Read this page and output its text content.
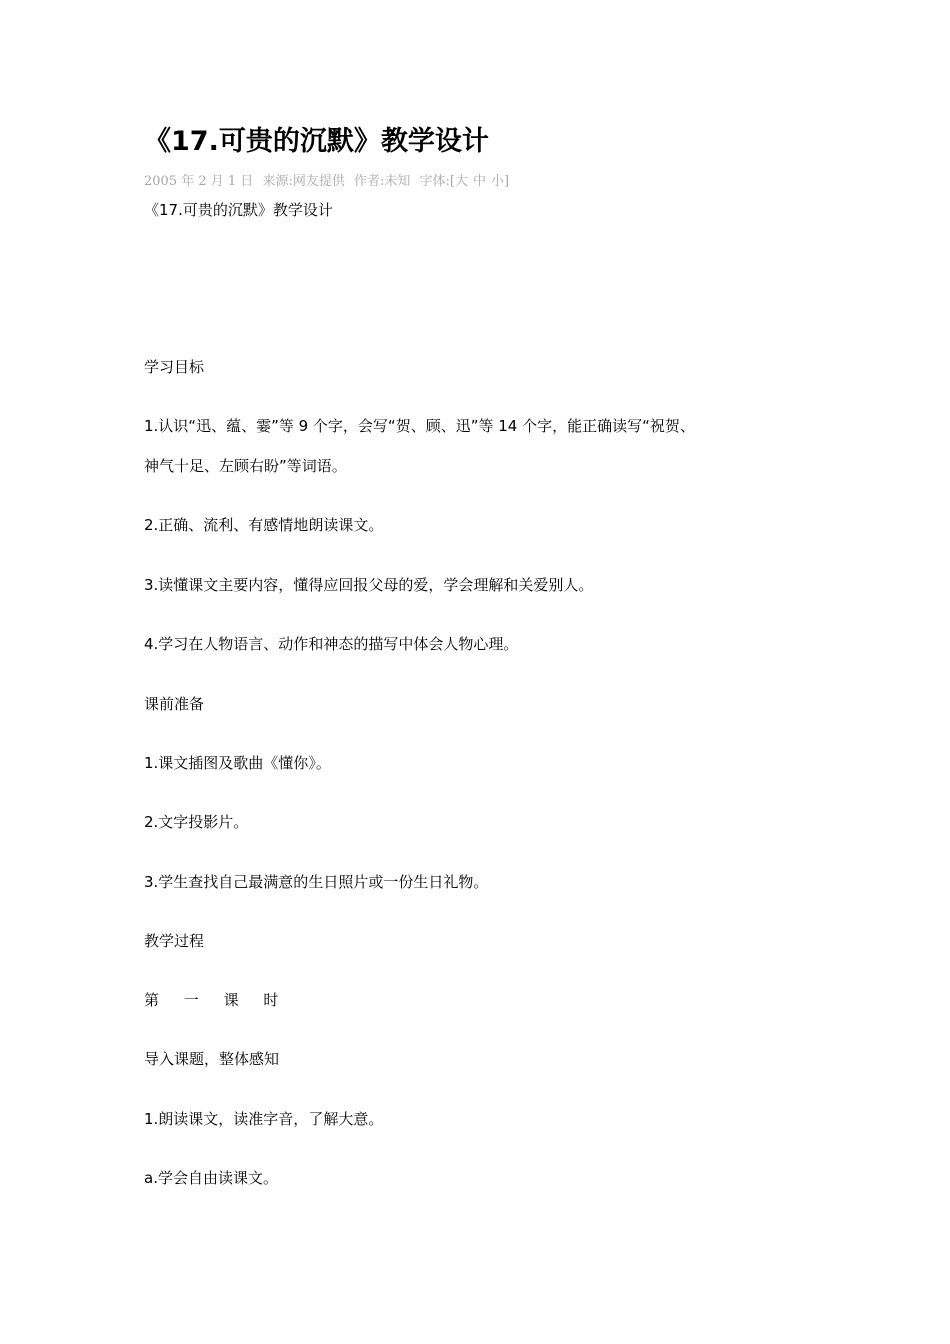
《17.可贵的沉默》教学设计
2005 年 2 月 1 日 来源:网友提供 作者:未知 字体:[大 中 小]
《17.可贵的沉默》教学设计
学习目标
1.认识“迅、蕴、霎”等 9 个字，会写“贺、顾、迅”等 14 个字，能正确读写“祝贺、
神气十足、左顾右盼”等词语。
2.正确、流利、有感情地朗读课文。
3.读懂课文主要内容，懂得应回报父母的爱，学会理解和关爱别人。
4.学习在人物语言、动作和神态的描写中体会人物心理。
课前准备
1.课文插图及歌曲《懂你》。
2.文字投影片。
3.学生查找自己最满意的生日照片或一份生日礼物。
教学过程
第 一 课 时
导入课题，整体感知
1.朗读课文，读准字音，了解大意。
a.学会自由读课文。
